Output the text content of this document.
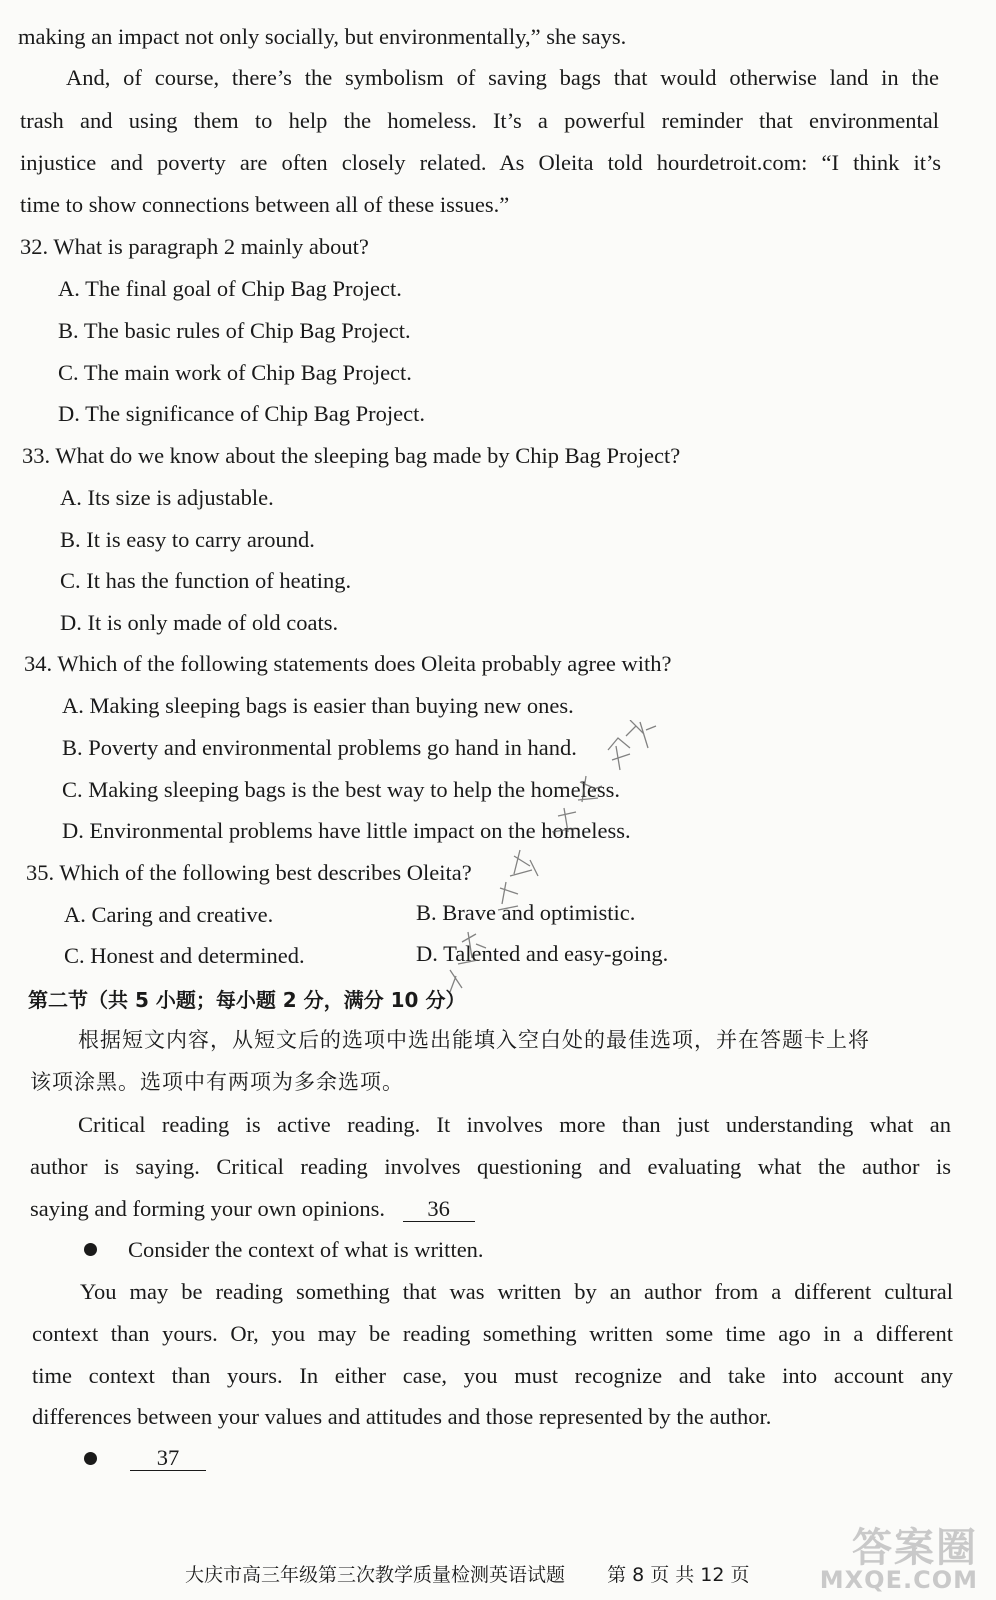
making an impact not only socially, but environmentally,” she says.
And, of course, there’s the symbolism of saving bags that would otherwise land in the
trash and using them to help the homeless. It’s a powerful reminder that environmental
injustice and poverty are often closely related. As Oleita told hourdetroit.com: “I think it’s
time to show connections between all of these issues.”
32. What is paragraph 2 mainly about?
A. The final goal of Chip Bag Project.
B. The basic rules of Chip Bag Project.
C. The main work of Chip Bag Project.
D. The significance of Chip Bag Project.
33. What do we know about the sleeping bag made by Chip Bag Project?
A. Its size is adjustable.
B. It is easy to carry around.
C. It has the function of heating.
D. It is only made of old coats.
34. Which of the following statements does Oleita probably agree with?
A. Making sleeping bags is easier than buying new ones.
B. Poverty and environmental problems go hand in hand.
C. Making sleeping bags is the best way to help the homeless.
D. Environmental problems have little impact on the homeless.
35. Which of the following best describes Oleita?
A. Caring and creative.	B. Brave and optimistic.
C. Honest and determined.	D. Talented and easy-going.
第二节（共 5 小题；每小题 2 分，满分 10 分）
根据短文内容，从短文后的选项中选出能填入空白处的最佳选项，并在答题卡上将
该项涂黑。选项中有两项为多余选项。
Critical reading is active reading. It involves more than just understanding what an
author is saying. Critical reading involves questioning and evaluating what the author is
saying and forming your own opinions. 36
Consider the context of what is written.
You may be reading something that was written by an author from a different cultural
context than yours. Or, you may be reading something written some time ago in a different
time context than yours. In either case, you must recognize and take into account any
differences between your values and attitudes and those represented by the author.
37
大庆市高三年级第三次教学质量检测英语试题 第 8 页 共 12 页
答案圈
MXQE.COM
